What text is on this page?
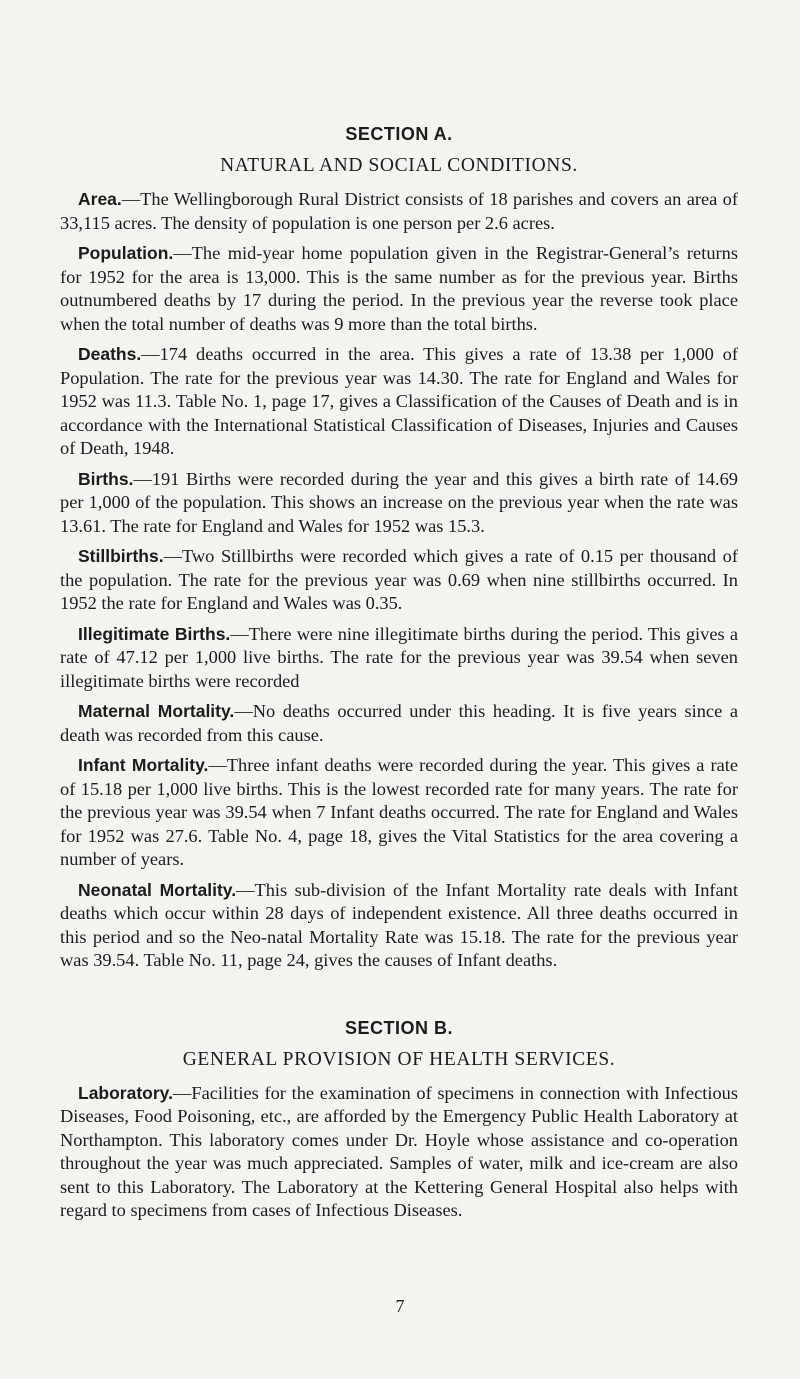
SECTION A.
NATURAL AND SOCIAL CONDITIONS.

Area.—The Wellingborough Rural District consists of 18 parishes and covers an area of 33,115 acres. The density of population is one person per 2.6 acres.

Population.—The mid-year home population given in the Registrar-General’s returns for 1952 for the area is 13,000. This is the same number as for the previous year. Births outnumbered deaths by 17 during the period. In the previous year the reverse took place when the total number of deaths was 9 more than the total births.

Deaths.—174 deaths occurred in the area. This gives a rate of 13.38 per 1,000 of Population. The rate for the previous year was 14.30. The rate for England and Wales for 1952 was 11.3. Table No. 1, page 17, gives a Classification of the Causes of Death and is in accordance with the International Statistical Classification of Diseases, Injuries and Causes of Death, 1948.

Births.—191 Births were recorded during the year and this gives a birth rate of 14.69 per 1,000 of the population. This shows an increase on the previous year when the rate was 13.61. The rate for England and Wales for 1952 was 15.3.

Stillbirths.—Two Stillbirths were recorded which gives a rate of 0.15 per thousand of the population. The rate for the previous year was 0.69 when nine stillbirths occurred. In 1952 the rate for England and Wales was 0.35.

Illegitimate Births.—There were nine illegitimate births during the period. This gives a rate of 47.12 per 1,000 live births. The rate for the previous year was 39.54 when seven illegitimate births were recorded

Maternal Mortality.—No deaths occurred under this heading. It is five years since a death was recorded from this cause.

Infant Mortality.—Three infant deaths were recorded during the year. This gives a rate of 15.18 per 1,000 live births. This is the lowest recorded rate for many years. The rate for the previous year was 39.54 when 7 Infant deaths occurred. The rate for England and Wales for 1952 was 27.6. Table No. 4, page 18, gives the Vital Statistics for the area covering a number of years.

Neonatal Mortality.—This sub-division of the Infant Mortality rate deals with Infant deaths which occur within 28 days of independent existence. All three deaths occurred in this period and so the Neo-natal Mortality Rate was 15.18. The rate for the previous year was 39.54. Table No. 11, page 24, gives the causes of Infant deaths.

SECTION B.
GENERAL PROVISION OF HEALTH SERVICES.

Laboratory.—Facilities for the examination of specimens in connection with Infectious Diseases, Food Poisoning, etc., are afforded by the Emergency Public Health Laboratory at Northampton. This laboratory comes under Dr. Hoyle whose assistance and co-operation throughout the year was much appreciated. Samples of water, milk and ice-cream are also sent to this Laboratory. The Laboratory at the Kettering General Hospital also helps with regard to specimens from cases of Infectious Diseases.

7
